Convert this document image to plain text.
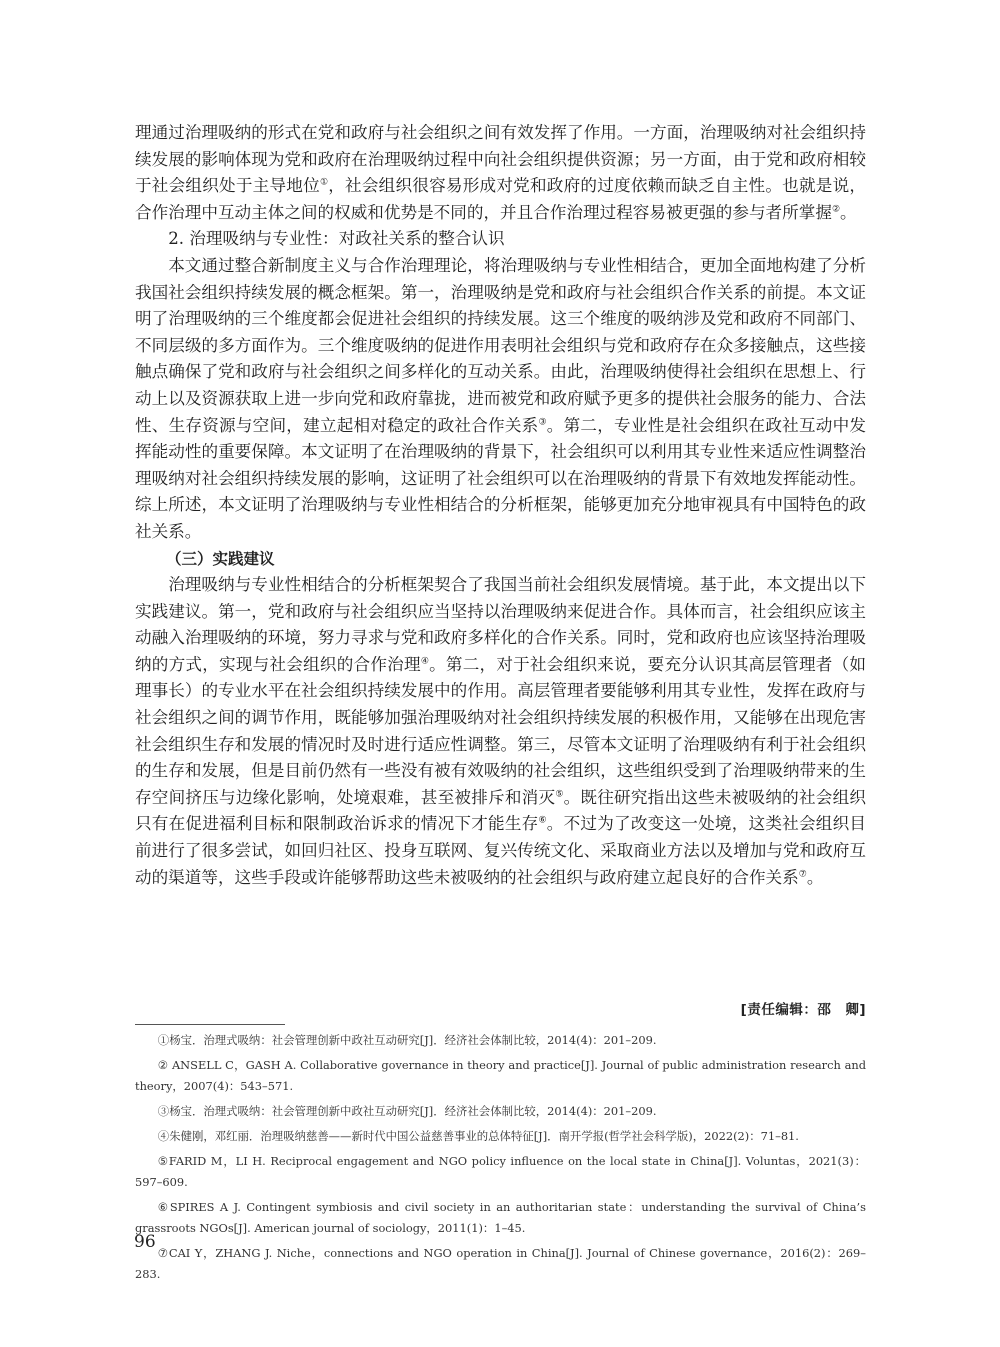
理通过治理吸纳的形式在党和政府与社会组织之间有效发挥了作用。一方面，治理吸纳对社会组织持续发展的影响体现为党和政府在治理吸纳过程中向社会组织提供资源；另一方面，由于党和政府相较于社会组织处于主导地位①，社会组织很容易形成对党和政府的过度依赖而缺乏自主性。也就是说，合作治理中互动主体之间的权威和优势是不同的，并且合作治理过程容易被更强的参与者所掌握②。

2. 治理吸纳与专业性：对政社关系的整合认识

本文通过整合新制度主义与合作治理理论，将治理吸纳与专业性相结合，更加全面地构建了分析我国社会组织持续发展的概念框架。第一，治理吸纳是党和政府与社会组织合作关系的前提。本文证明了治理吸纳的三个维度都会促进社会组织的持续发展。这三个维度的吸纳涉及党和政府不同部门、不同层级的多方面作为。三个维度吸纳的促进作用表明社会组织与党和政府存在众多接触点，这些接触点确保了党和政府与社会组织之间多样化的互动关系。由此，治理吸纳使得社会组织在思想上、行动上以及资源获取上进一步向党和政府靠拢，进而被党和政府赋予更多的提供社会服务的能力、合法性、生存资源与空间，建立起相对稳定的政社合作关系③。第二，专业性是社会组织在政社互动中发挥能动性的重要保障。本文证明了在治理吸纳的背景下，社会组织可以利用其专业性来适应性调整治理吸纳对社会组织持续发展的影响，这证明了社会组织可以在治理吸纳的背景下有效地发挥能动性。综上所述，本文证明了治理吸纳与专业性相结合的分析框架，能够更加充分地审视具有中国特色的政社关系。

（三）实践建议

治理吸纳与专业性相结合的分析框架契合了我国当前社会组织发展情境。基于此，本文提出以下实践建议。第一，党和政府与社会组织应当坚持以治理吸纳来促进合作。具体而言，社会组织应该主动融入治理吸纳的环境，努力寻求与党和政府多样化的合作关系。同时，党和政府也应该坚持治理吸纳的方式，实现与社会组织的合作治理④。第二，对于社会组织来说，要充分认识其高层管理者（如理事长）的专业水平在社会组织持续发展中的作用。高层管理者要能够利用其专业性，发挥在政府与社会组织之间的调节作用，既能够加强治理吸纳对社会组织持续发展的积极作用，又能够在出现危害社会组织生存和发展的情况时及时进行适应性调整。第三，尽管本文证明了治理吸纳有利于社会组织的生存和发展，但是目前仍然有一些没有被有效吸纳的社会组织，这些组织受到了治理吸纳带来的生存空间挤压与边缘化影响，处境艰难，甚至被排斥和消灭⑤。既往研究指出这些未被吸纳的社会组织只有在促进福利目标和限制政治诉求的情况下才能生存⑥。不过为了改变这一处境，这类社会组织目前进行了很多尝试，如回归社区、投身互联网、复兴传统文化、采取商业方法以及增加与党和政府互动的渠道等，这些手段或许能够帮助这些未被吸纳的社会组织与政府建立起良好的合作关系⑦。

[责任编辑：邵　卿]

①杨宝．治理式吸纳：社会管理创新中政社互动研究[J]．经济社会体制比较，2014(4)：201–209.

② ANSELL C，GASH A. Collaborative governance in theory and practice[J]. Journal of public administration research and theory，2007(4)：543–571.

③杨宝．治理式吸纳：社会管理创新中政社互动研究[J]．经济社会体制比较，2014(4)：201–209.

④朱健刚，邓红丽．治理吸纳慈善——新时代中国公益慈善事业的总体特征[J]．南开学报(哲学社会科学版)，2022(2)：71–81.

⑤FARID M，LI H. Reciprocal engagement and NGO policy influence on the local state in China[J]. Voluntas，2021(3)：597–609.

⑥SPIRES A J. Contingent symbiosis and civil society in an authoritarian state：understanding the survival of China’s grassroots NGOs[J]. American journal of sociology，2011(1)：1–45.

⑦CAI Y，ZHANG J. Niche，connections and NGO operation in China[J]. Journal of Chinese governance，2016(2)：269–283.

96
